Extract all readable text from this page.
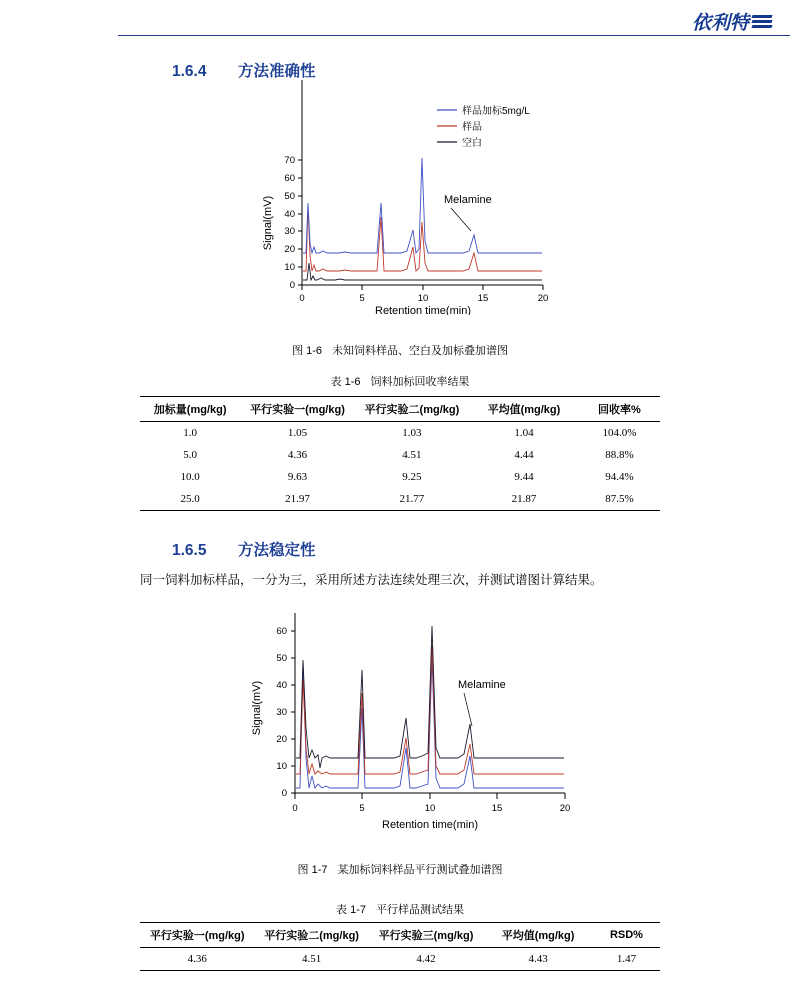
依利特
1.6.4 方法准确性
0
10
20
30
40
50
60
70
0	5	10	15	20
Retention time(min)
Signal(mV)
样品加标5mg/L
样品
空白
Melamine
图 1-6 未知饲料样品、空白及加标叠加谱图
表 1-6 饲料加标回收率结果
加标量(mg/kg)	平行实验一(mg/kg)	平行实验二(mg/kg)	平均值(mg/kg)	回收率%
1.0	1.05	1.03	1.04	104.0%
5.0	4.36	4.51	4.44	88.8%
10.0	9.63	9.25	9.44	94.4%
25.0	21.97	21.77	21.87	87.5%
1.6.5 方法稳定性
同一饲料加标样品，一分为三，采用所述方法连续处理三次，并测试谱图计算结果。
0
10
20
30
40
50
60
0	5	10	15	20
Retention time(min)
Signal(mV)	Melamine
图 1-7 某加标饲料样品平行测试叠加谱图
表 1-7 平行样品测试结果
平行实验一(mg/kg)	平行实验二(mg/kg)	平行实验三(mg/kg)	平均值(mg/kg)	RSD%
4.36	4.51	4.42	4.43	1.47
